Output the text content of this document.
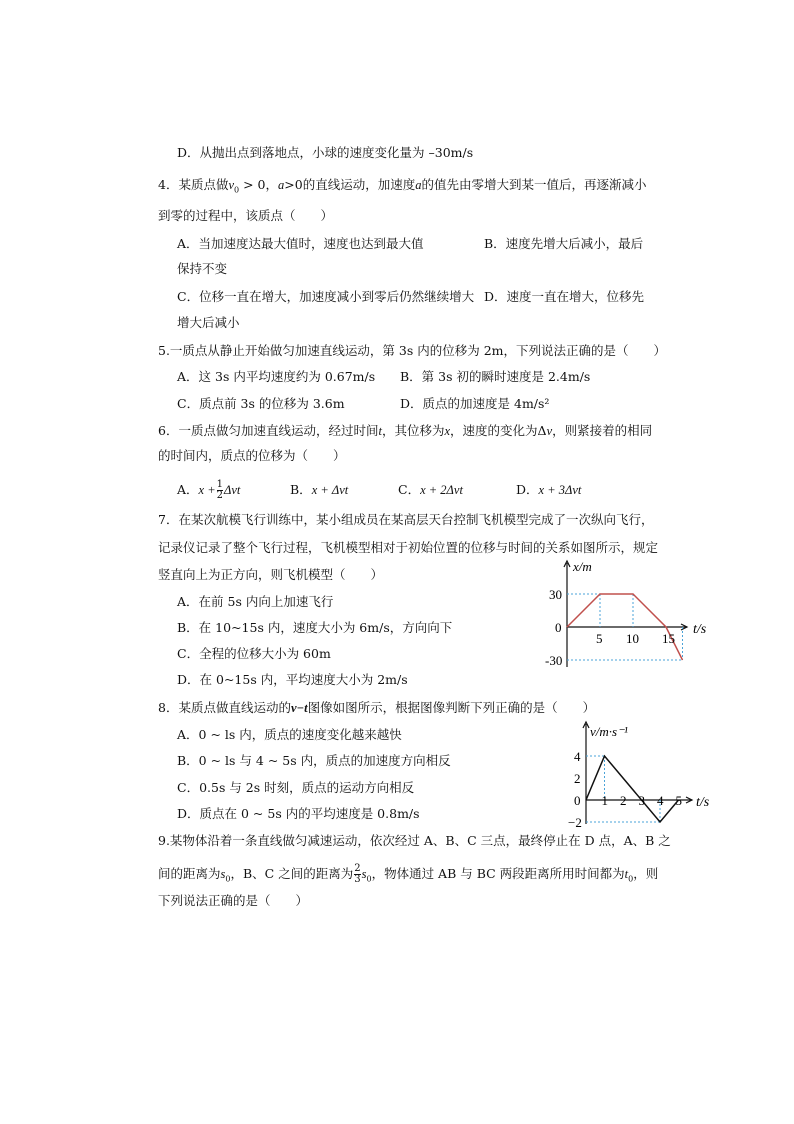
D．从抛出点到落地点，小球的速度变化量为 –30m/s
4．某质点做$v_0 > 0$，a>0的直线运动，加速度a的值先由零增大到某一值后，再逐渐减小
到零的过程中，该质点（　　）
A．当加速度达最大值时，速度也达到最大值	B．速度先增大后减小，最后
保持不变
C．位移一直在增大，加速度减小到零后仍然继续增大 D．速度一直在增大，位移先
增大后减小
5.一质点从静止开始做匀加速直线运动，第 3s 内的位移为 2m，下列说法正确的是（　　）
A．这 3s 内平均速度约为 0.67m/s B．第 3s 初的瞬时速度是 2.4m/s
C．质点前 3s 的位移为 3.6m	D．质点的加速度是 4m/s²
6．一质点做匀加速直线运动，经过时间t，其位移为x，速度的变化为Δv，则紧接着的相同
的时间内，质点的位移为（　　）
A．$x + \frac{1}{2}$ Δvt	B．x + Δvt	C．x + 2Δvt	D．x + 3Δvt
7．在某次航模飞行训练中，某小组成员在某高层天台控制飞机模型完成了一次纵向飞行，
记录仪记录了整个飞行过程，飞机模型相对于初始位置的位移与时间的关系如图所示，规定
竖直向上为正方向，则飞机模型（　　）
A．在前 5s 内向上加速飞行
B．在 10~15s 内，速度大小为 6m/s，方向向下
C．全程的位移大小为 60m
D．在 0~15s 内，平均速度大小为 2m/s
x/m
t/s
0
5 10 15
30
-30
8．某质点做直线运动的v−t图像如图所示，根据图像判断下列正确的是（　　）
A．0 ~ ls 内，质点的速度变化越来越快
B．0 ~ ls 与 4 ~ 5s 内，质点的加速度方向相反
C．0.5s 与 2s 时刻，质点的运动方向相反
D．质点在 0 ~ 5s 内的平均速度是 0.8m/s
v/m·s⁻¹
t/s
0 1 2 3 4 5
4
2
−2
9.某物体沿着一条直线做匀减速运动，依次经过 A、B、C 三点，最终停止在 D 点，A、B 之
间的距离为$s_0$，B、C 之间的距离为 $\frac{2}{3} s_0$，物体通过 AB 与 BC 两段距离所用时间都为$t_0$，则
下列说法正确的是（　　）
